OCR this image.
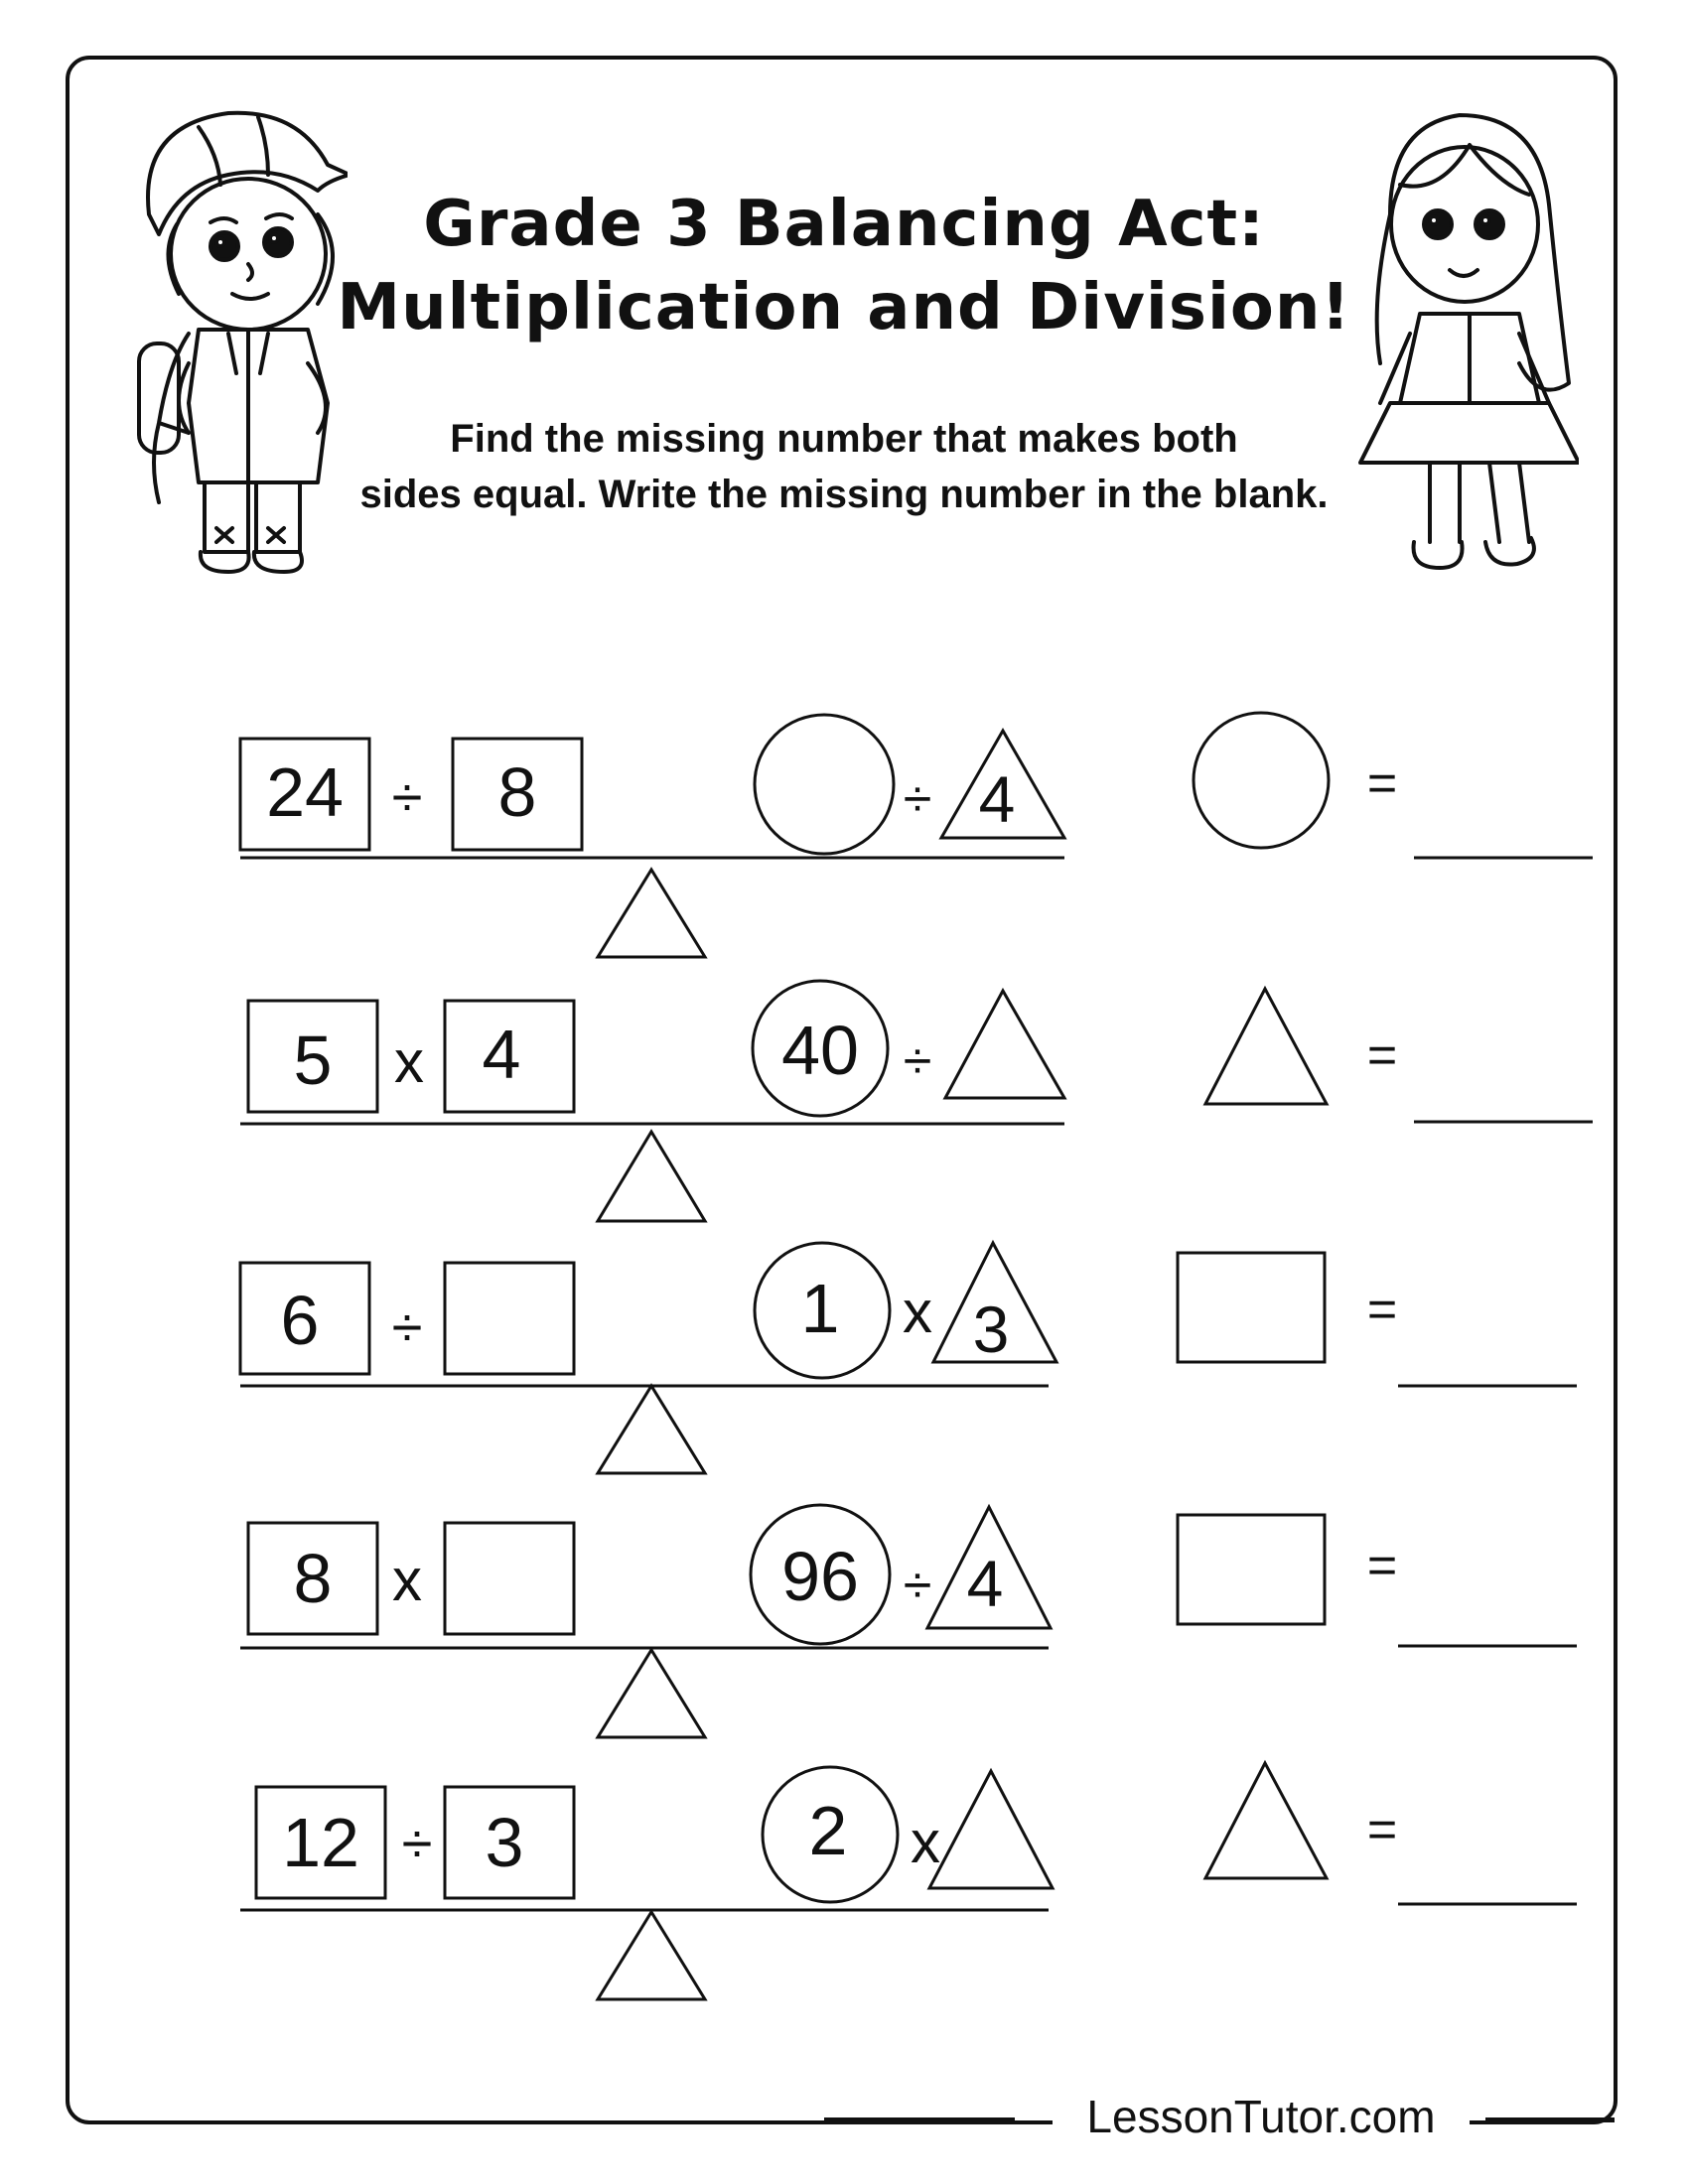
Grade 3 Balancing Act:
Multiplication and Division!
Find the missing number that makes both
sides equal. Write the missing number in the blank.
24 ÷ 8	÷ 4	=
5 x 4	40 ÷	=
6 ÷	1 x 3	=
8 x	96 ÷ 4	=
12 ÷ 3	2 x	=
LessonTutor.com
